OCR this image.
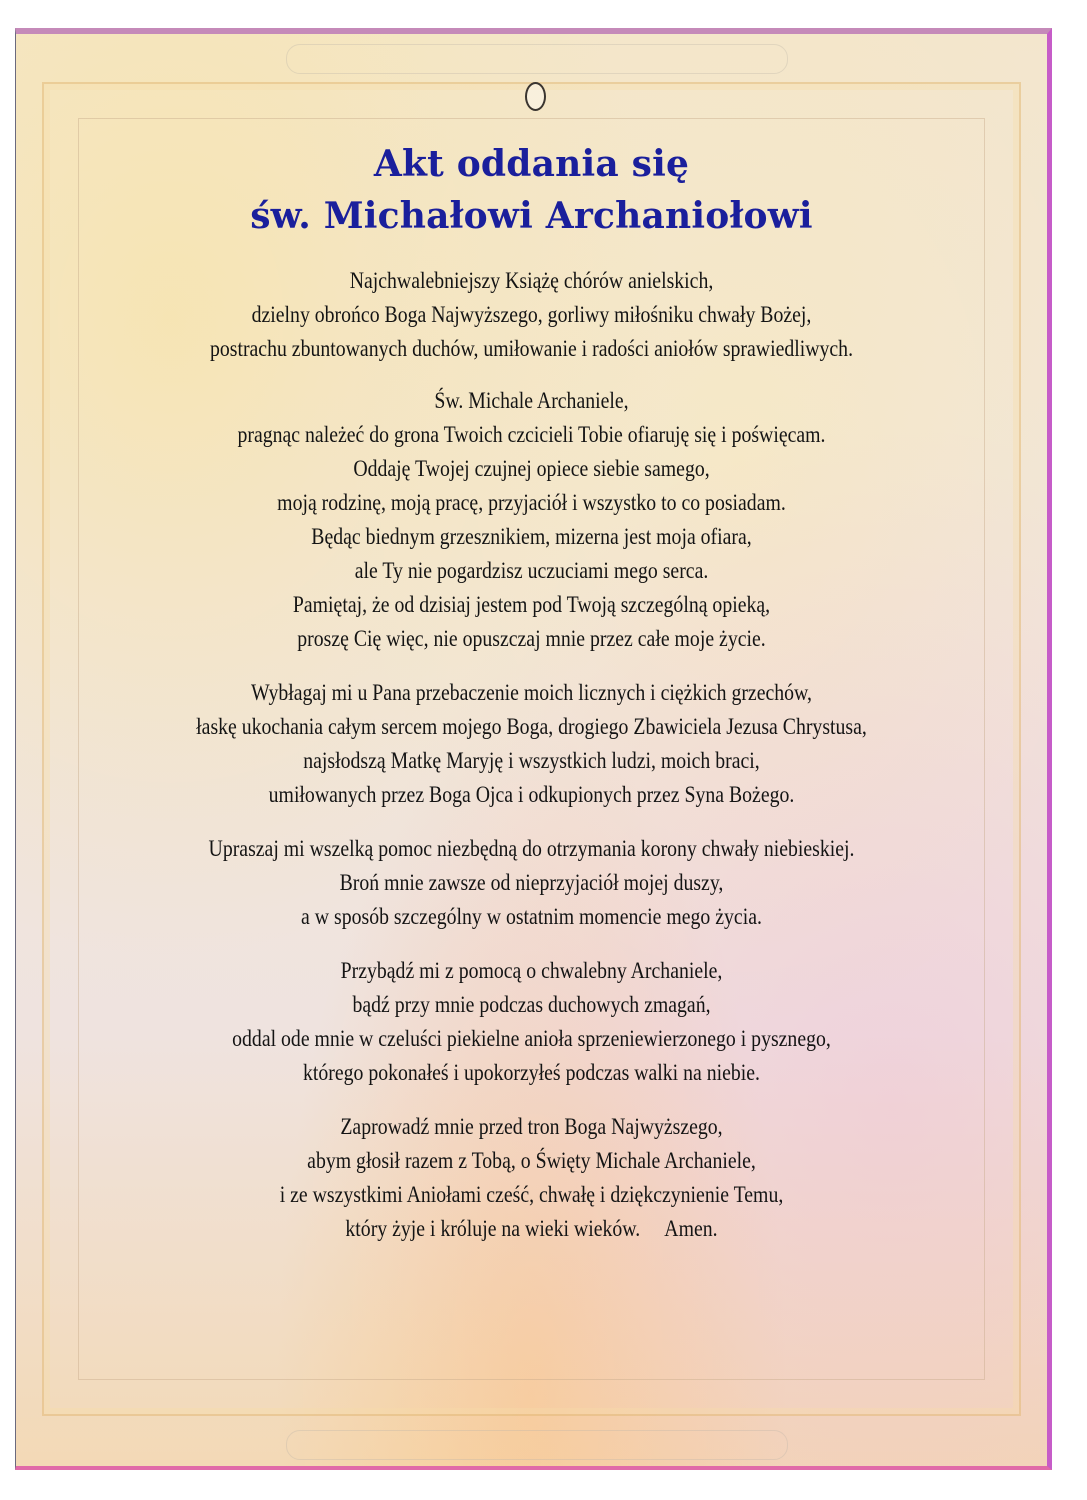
Akt oddania się
św. Michałowi Archaniołowi

Najchwalebniejszy Książę chórów anielskich,
dzielny obrońco Boga Najwyższego, gorliwy miłośniku chwały Bożej,
postrachu zbuntowanych duchów, umiłowanie i radości aniołów sprawiedliwych.

Św. Michale Archaniele,
pragnąc należeć do grona Twoich czcicieli Tobie ofiaruję się i poświęcam.
Oddaję Twojej czujnej opiece siebie samego,
moją rodzinę, moją pracę, przyjaciół i wszystko to co posiadam.
Będąc biednym grzesznikiem, mizerna jest moja ofiara,
ale Ty nie pogardzisz uczuciami mego serca.
Pamiętaj, że od dzisiaj jestem pod Twoją szczególną opieką,
proszę Cię więc, nie opuszczaj mnie przez całe moje życie.

Wybłagaj mi u Pana przebaczenie moich licznych i ciężkich grzechów,
łaskę ukochania całym sercem mojego Boga, drogiego Zbawiciela Jezusa Chrystusa,
najsłodszą Matkę Maryję i wszystkich ludzi, moich braci,
umiłowanych przez Boga Ojca i odkupionych przez Syna Bożego.

Upraszaj mi wszelką pomoc niezbędną do otrzymania korony chwały niebieskiej.
Broń mnie zawsze od nieprzyjaciół mojej duszy,
a w sposób szczególny w ostatnim momencie mego życia.

Przybądź mi z pomocą o chwalebny Archaniele,
bądź przy mnie podczas duchowych zmagań,
oddal ode mnie w czeluści piekielne anioła sprzeniewierzonego i pysznego,
którego pokonałeś i upokorzyłeś podczas walki na niebie.

Zaprowadź mnie przed tron Boga Najwyższego,
abym głosił razem z Tobą, o Święty Michale Archaniele,
i ze wszystkimi Aniołami cześć, chwałę i dziękczynienie Temu,
który żyje i króluje na wieki wieków. Amen.
